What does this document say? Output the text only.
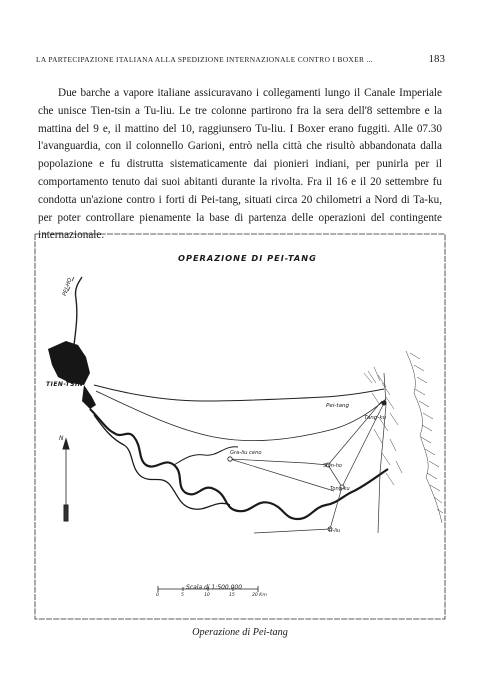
LA PARTECIPAZIONE ITALIANA ALLA SPEDIZIONE INTERNAZIONALE CONTRO I BOXER ...	183

Due barche a vapore italiane assicuravano i collegamenti lungo il Canale Imperiale che unisce Tien-tsin a Tu-liu. Le tre colonne partirono fra la sera dell'8 settembre e la mattina del 9 e, il mattino del 10, raggiunsero Tu-liu. I Boxer erano fuggiti. Alle 07.30 l'avanguardia, con il colonnello Garioni, entrò nella città che risultò abbandonata dalla popolazione e fu distrutta sistematicamente dai pionieri indiani, per punirla per il comportamento tenuto dai suoi abitanti durante la rivolta. Fra il 16 e il 20 settembre fu condotta un'azione contro i forti di Pei-tang, situati circa 20 chilometri a Nord di Ta-ku, per poter controllare pienamente la base di partenza delle operazioni del contingente internazionale.

OPERAZIONE DI PEI-TANG
TIEN-TSIN
PEI-HO
Pei-tang
Tang-ku
Gra-liu ceno
Shin-ho
Tong-ku
Ti-liu
N
Scala di 1:500.000
0	5	10	15	20 Km
Operazione di Pei-tang
